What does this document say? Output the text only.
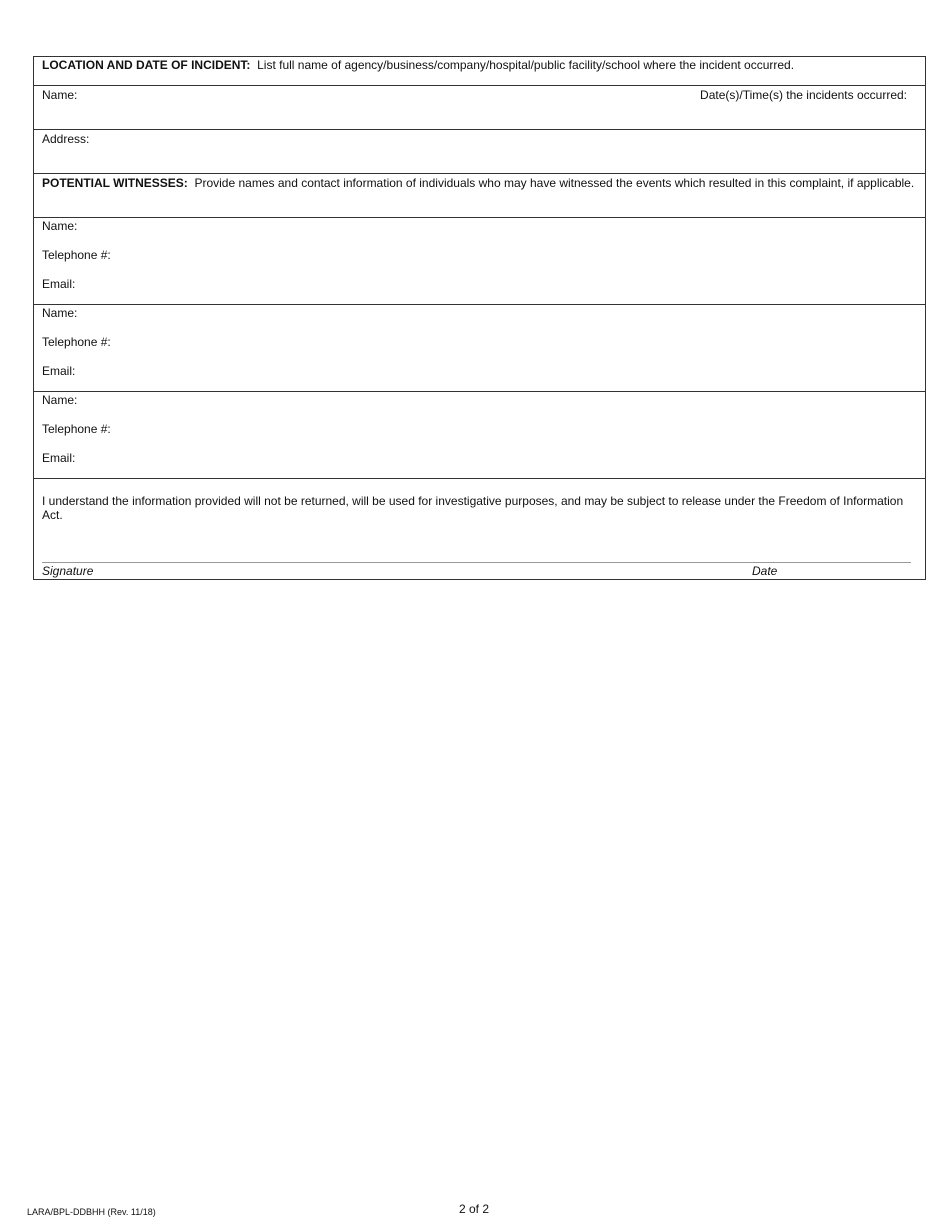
LOCATION AND DATE OF INCIDENT: List full name of agency/business/company/hospital/public facility/school where the incident occurred.
Name:	Date(s)/Time(s) the incidents occurred:
Address:
POTENTIAL WITNESSES: Provide names and contact information of individuals who may have witnessed the events which resulted in this complaint, if applicable.
Name:
Telephone #:
Email:
Name:
Telephone #:
Email:
Name:
Telephone #:
Email:
I understand the information provided will not be returned, will be used for investigative purposes, and may be subject to release under the Freedom of Information Act.
Signature	Date
LARA/BPL-DDBHH (Rev. 11/18)	2 of 2
